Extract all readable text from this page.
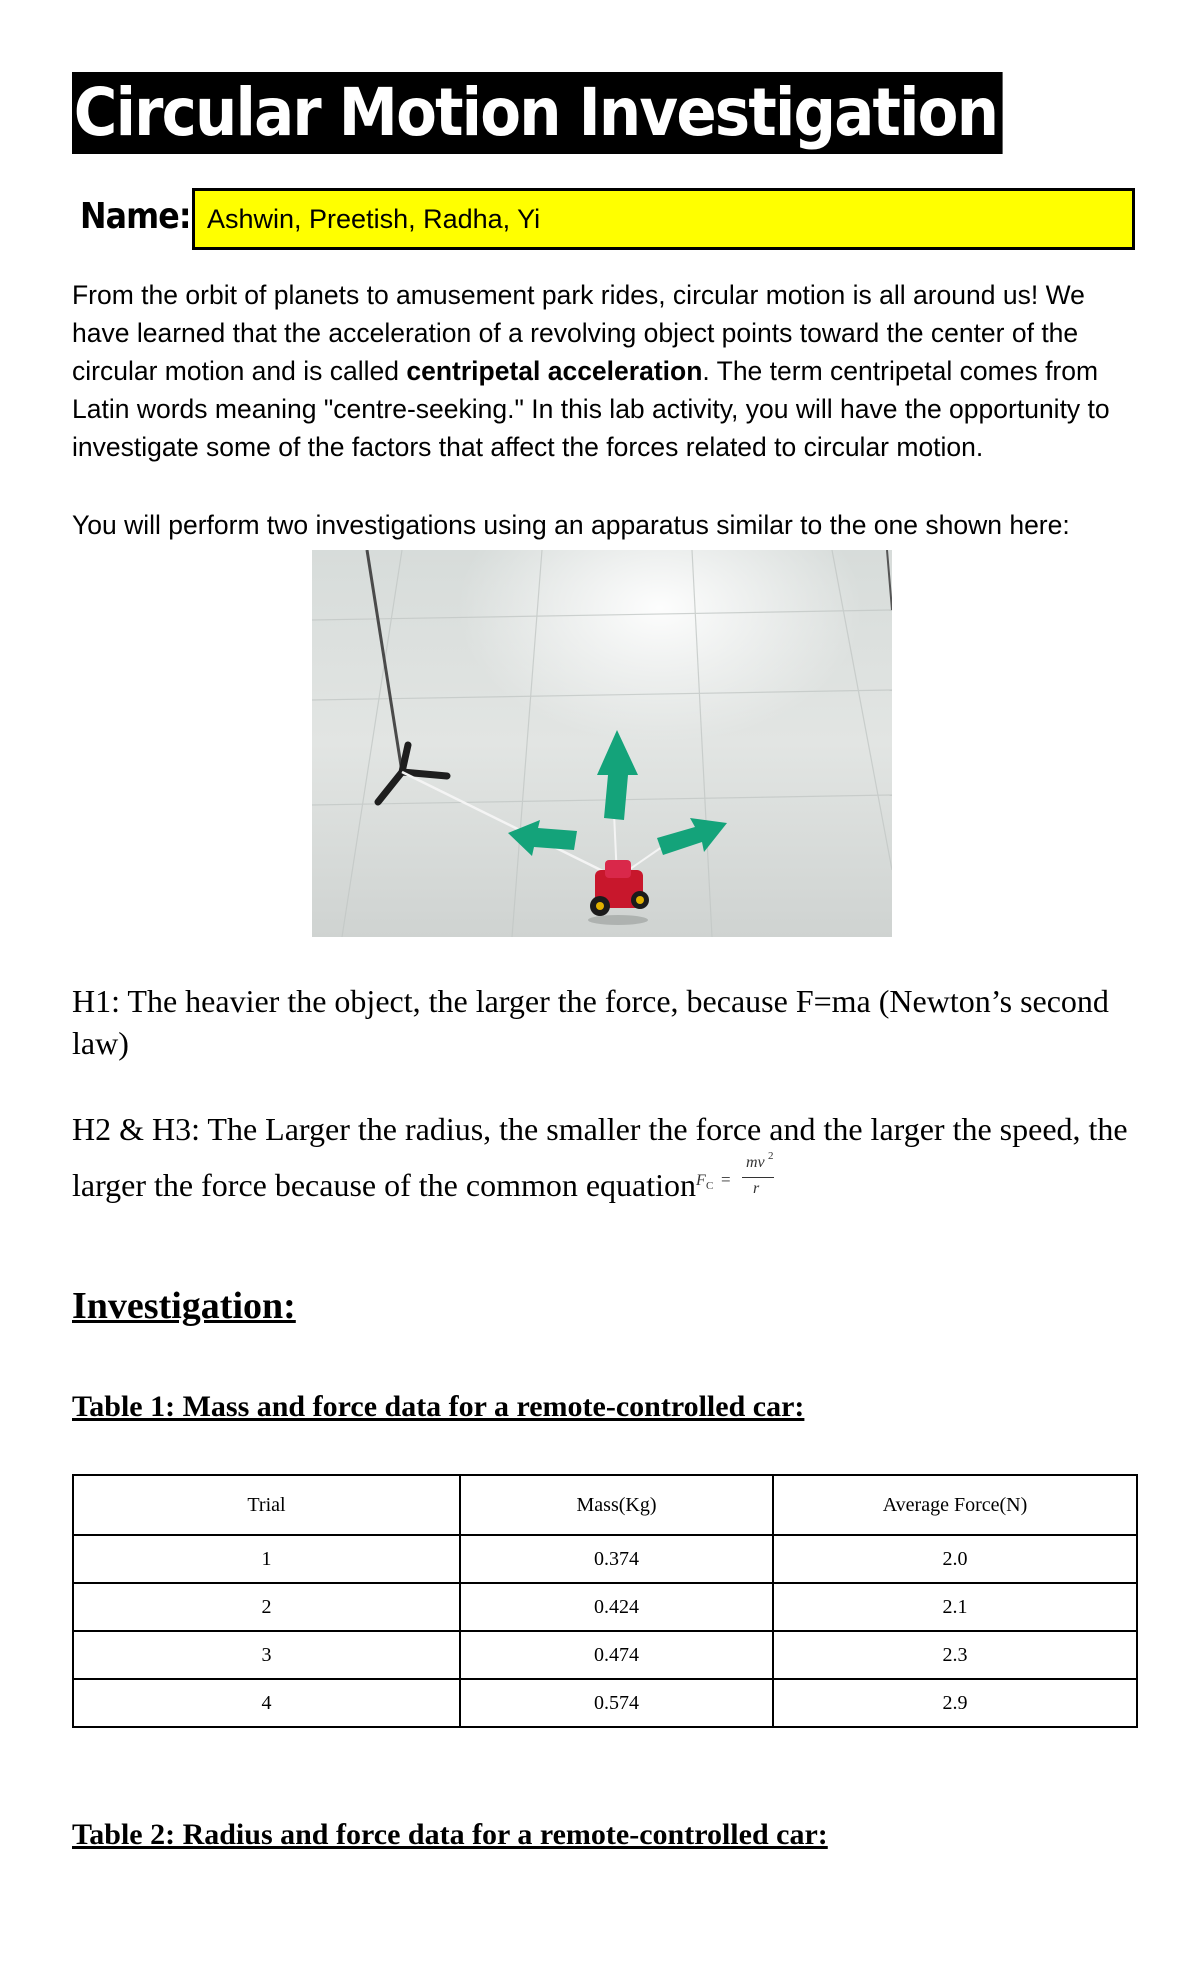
Circular Motion Investigation
Name: Ashwin, Preetish, Radha, Yi

From the orbit of planets to amusement park rides, circular motion is all around us! We have learned that the acceleration of a revolving object points toward the center of the circular motion and is called centripetal acceleration. The term centripetal comes from Latin words meaning "centre-seeking." In this lab activity, you will have the opportunity to investigate some of the factors that affect the forces related to circular motion.

You will perform two investigations using an apparatus similar to the one shown here:

H1: The heavier the object, the larger the force, because F=ma (Newton’s second law)

H2 & H3: The Larger the radius, the smaller the force and the larger the speed, the

larger the force because of the common equation F C =
mv 2
r

Investigation:

Table 1: Mass and force data for a remote-controlled car:

Trial	Mass(Kg)	Average Force(N)
1	0.374	2.0
2	0.424	2.1
3	0.474	2.3
4	0.574	2.9

Table 2: Radius and force data for a remote-controlled car:
